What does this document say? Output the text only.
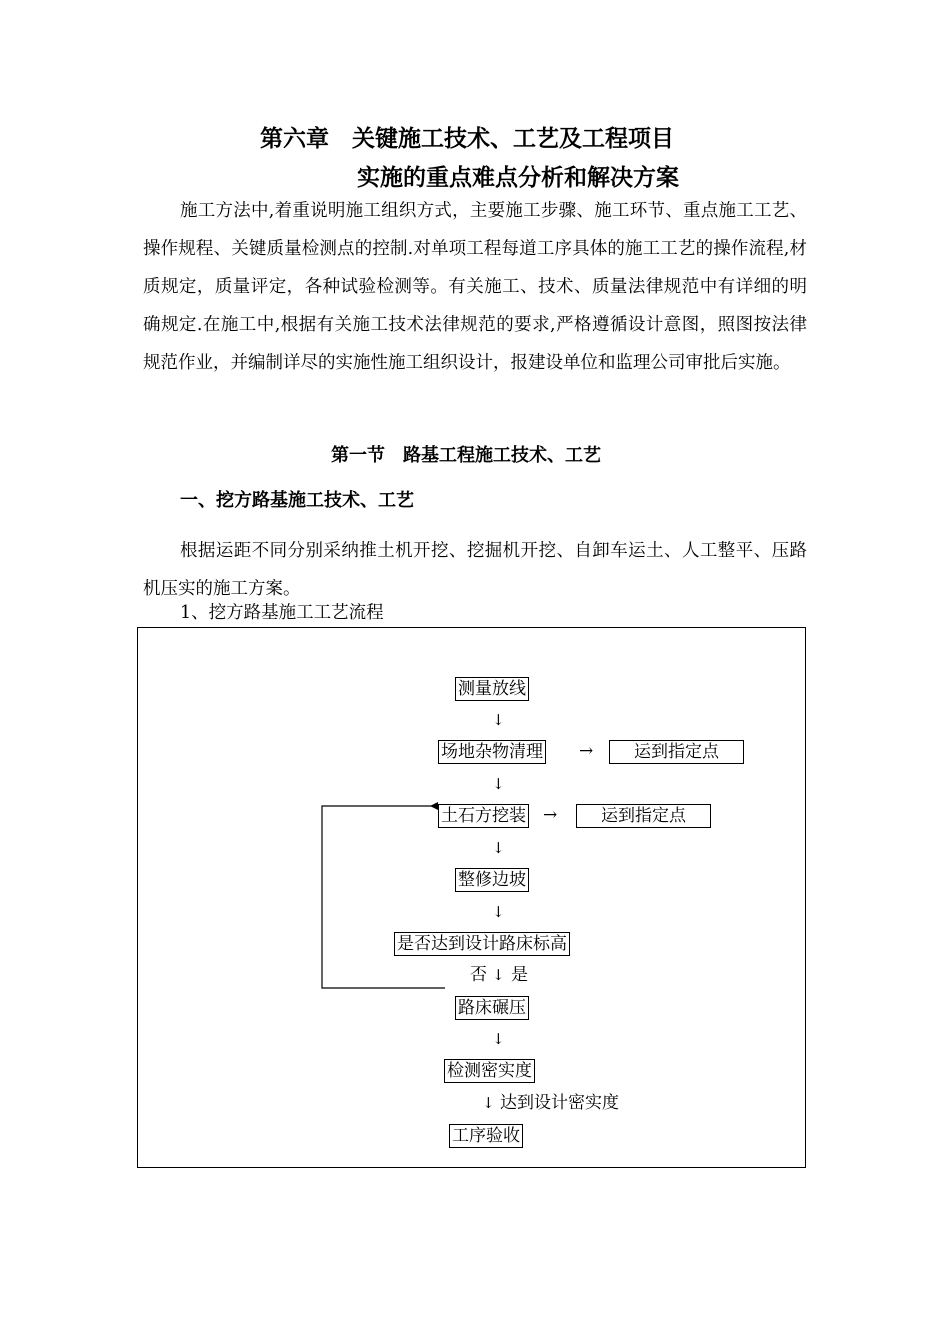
第六章　关键施工技术、工艺及工程项目
实施的重点难点分析和解决方案

施工方法中,着重说明施工组织方式，主要施工步骤、施工环节、重点施工工艺、操作规程、关键质量检测点的控制.对单项工程每道工序具体的施工工艺的操作流程,材质规定，质量评定，各种试验检测等。有关施工、技术、质量法律规范中有详细的明确规定.在施工中,根据有关施工技术法律规范的要求,严格遵循设计意图，照图按法律规范作业，并编制详尽的实施性施工组织设计，报建设单位和监理公司审批后实施。

第一节　路基工程施工技术、工艺
一、挖方路基施工技术、工艺

根据运距不同分别采纳推土机开挖、挖掘机开挖、自卸车运土、人工整平、压路机压实的施工方案。

1、挖方路基施工工艺流程
测量放线
↓
场地杂物清理 →	运到指定点
↓
土石方挖装 →	运到指定点
↓
整修边坡
↓
是否达到设计路床标高
否 ↓ 是
路床碾压
↓
检测密实度
↓ 达到设计密实度
工序验收
